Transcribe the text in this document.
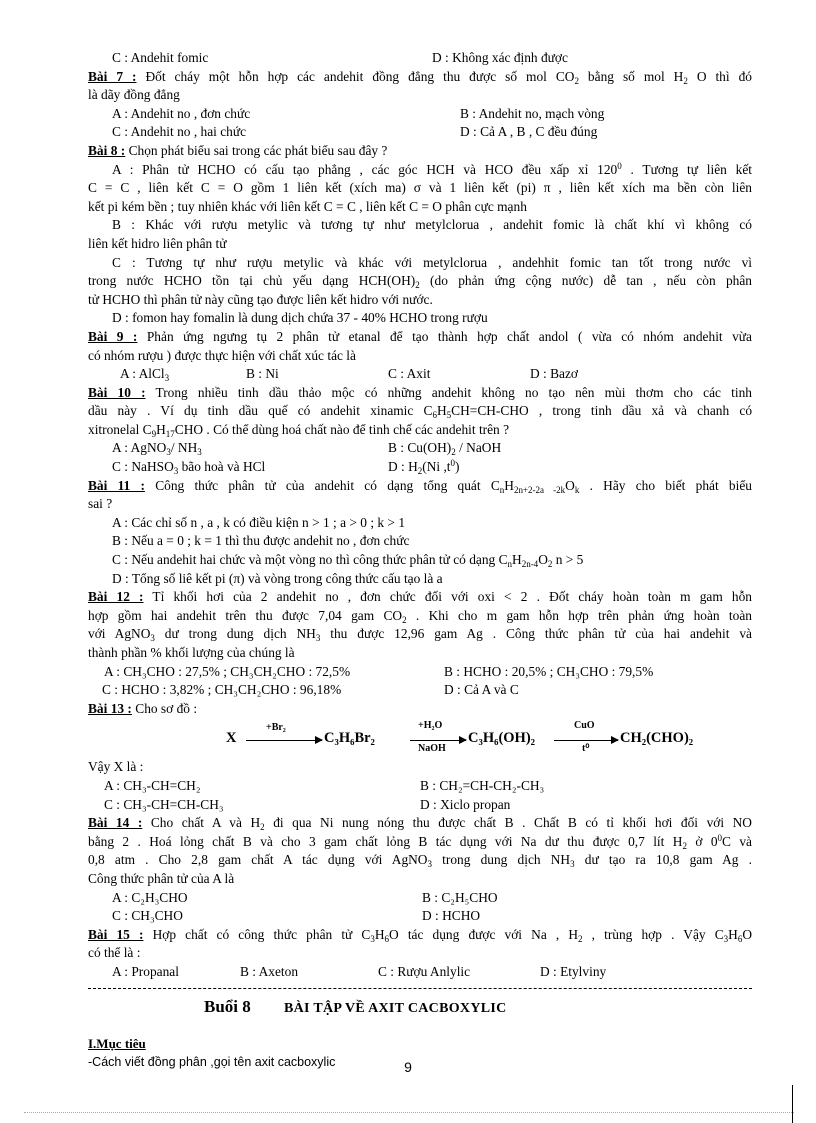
C : Andehit fomic	D : Không xác định được
Bài 7 : Đốt cháy một hỗn hợp các andehit đồng đẳng thu được số mol $CO_2$ bằng số mol $H_2$ O thì đó
là dãy đồng đẳng
A : Andehit no , đơn chức	B : Andehit no, mạch vòng
C : Andehit no , hai chức	D : Cả A , B , C đều đúng
Bài 8 : Chọn phát biểu sai trong các phát biểu sau đây ?
A : Phân tử HCHO có cấu tạo phẳng , các góc HCH và HCO đều xấp xỉ $120^0$ . Tương tự liên kết
C = C , liên kết C = O gồm 1 liên kết (xích ma) σ và 1 liên kết (pi) π , liên kết xích ma bền còn liên
kết pi kém bền ; tuy nhiên khác với liên kết C = C , liên kết C = O phân cực mạnh
B : Khác với rượu metylic và tương tự như metylclorua , andehit fomic là chất khí vì không có
liên kết hidro liên phân tử
C : Tương tự như rượu metylic và khác với metylclorua , andehhit fomic tan tốt trong nước vì
trong nước HCHO tồn tại chủ yếu dạng $HCH(OH)_2$ (do phản ứng cộng nước) dễ tan , nếu còn phân
tử HCHO thì phân tử này cũng tạo được liên kết hidro với nước.
D : fomon hay fomalin là dung dịch chứa 37 - 40% HCHO trong rượu
Bài 9 : Phản ứng ngưng tụ 2 phân tử etanal để tạo thành hợp chất andol ( vừa có nhóm andehit vừa
có nhóm rượu ) được thực hiện với chất xúc tác là
A : AlCl$_3$	B : Ni	C : Axit	D : Bazơ
Bài 10 : Trong nhiều tinh dầu thảo mộc có những andehit không no tạo nên mùi thơm cho các tinh
dầu này . Ví dụ tinh dầu quế có andehit xinamic $C_6H_5CH=CH$-CHO , trong tinh dầu xả và chanh có
xitronelal $C_9H_{17}CHO$ . Có thể dùng hoá chất nào để tinh chế các andehit trên ?
A : AgNO$_3$/ $NH_3$	B : $Cu(OH)_2$ / NaOH
C : NaHSO$_3$ bão hoà và HCl	D : $H_2(Ni$ $,t^0$)
Bài 11 : Công thức phân tử của andehit có dạng tổng quát $C_nH_{2n+2-2a -2k}O_k$ . Hãy cho biết phát biểu
sai ?
A : Các chỉ số n , a , k có điều kiện n > 1 ; a > 0 ; k > 1
B : Nếu a = 0 ; k = 1 thì thu được andehit no , đơn chức
C : Nếu andehit hai chức và một vòng no thì công thức phân tử có dạng $C_nH_{2n-4}O_2$ n > 5
D : Tổng số liê kết pi (π) và vòng trong công thức cấu tạo là a
Bài 12 : Tỉ khối hơi của 2 andehit no , đơn chức đối với oxi < 2 . Đốt cháy hoàn toàn m gam hỗn
hợp gồm hai andehit trên thu được 7,04 gam $CO_2$ . Khi cho m gam hỗn hợp trên phản ứng hoàn toàn
với AgNO$_3$ dư trong dung dịch $NH_3$ thu được 12,96 gam Ag . Công thức phân tử của hai andehit và
thành phần % khối lượng của chúng là
A : CH₃CHO : 27,5% ; CH₃CH₂CHO : 72,5%	B : HCHO : 20,5% ; CH₃CHO : 79,5%
C : HCHO : 3,82% ; CH₃CH₂CHO : 96,18%	D : Cả A và C
Bài 13 : Cho sơ đồ :
X
+Br₂
C₃H₆Br₂
+H₂O
NaOH
C₃H₆(OH)₂
CuO
t⁰
CH₂(CHO)₂
Vậy X là :
A : CH₃-CH=CH₂	B : CH₂=CH-CH₂-CH₃
C : CH₃-CH=CH-CH₃	D : Xiclo propan
Bài 14 : Cho chất A và $H_2$ đi qua Ni nung nóng thu được chất B . Chất B có tỉ khối hơi đối với NO
bằng 2 . Hoá lỏng chất B và cho 3 gam chất lỏng B tác dụng với Na dư thu được 0,7 lít $H_2$ ở $0^0C$ và
0,8 atm . Cho 2,8 gam chất A tác dụng với AgNO$_3$ trong dung dịch $NH_3$ dư tạo ra 10,8 gam Ag .
Công thức phân tử của A là
A : C₂H₃CHO	B : C₂H₅CHO
C : CH₃CHO	D : HCHO
Bài 15 : Hợp chất có công thức phân tử $C_3H_6O$ tác dụng được với Na , $H_2$ , trùng hợp . Vậy $C_3H_6O$
có thể là :
A : Propanal	B : Axeton	C : Rượu Anlylic	D : Etylviny
Buổi 8 BÀI TẬP VỀ AXIT CACBOXYLIC
I.Mục tiêu
-Cách viết đồng phân ,gọi tên axit cacboxylic	9
